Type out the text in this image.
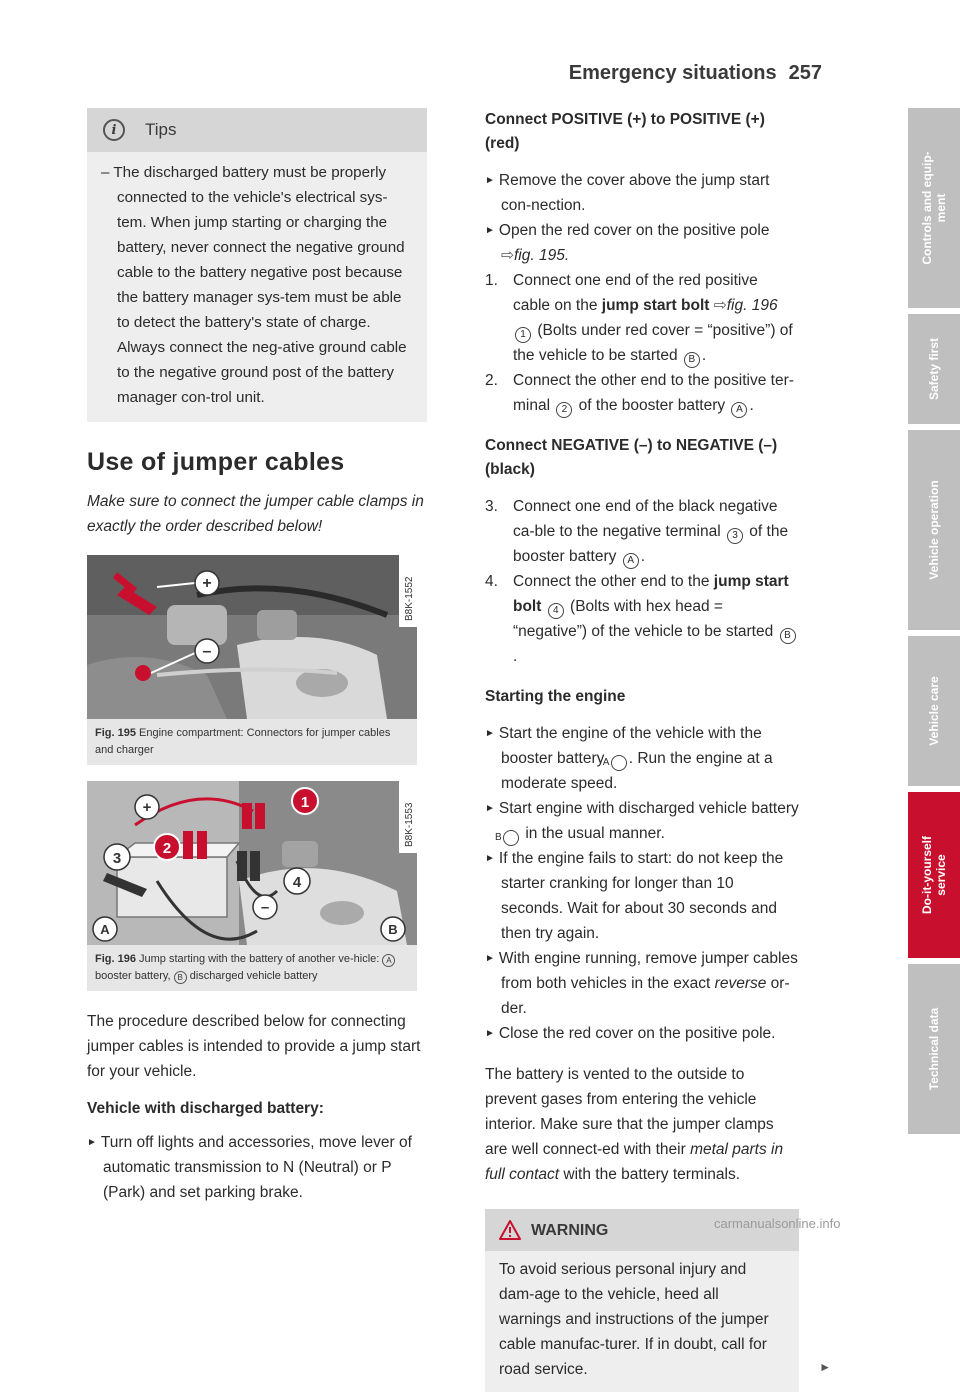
Emergency situations 257
i	Tips

– The discharged battery must be properly connected to the vehicle's electrical sys-tem. When jump starting or charging the battery, never connect the negative ground cable to the battery negative post because the battery manager sys-tem must be able to detect the battery's state of charge. Always connect the neg-ative ground cable to the negative ground post of the battery manager con-trol unit.

Use of jumper cables

Make sure to connect the jumper cable clamps in exactly the order described below!

+
–
B8K-1552
Fig. 195 Engine compartment: Connectors for jumper cables and charger
+
–
1
2
3
4
A	B
B8K-1553
Fig. 196 Jump starting with the battery of another ve-hicle: A booster battery, B discharged vehicle battery

The procedure described below for connecting jumper cables is intended to provide a jump start for your vehicle.

Vehicle with discharged battery:

► Turn off lights and accessories, move lever of automatic transmission to N (Neutral) or P (Park) and set parking brake.

Connect POSITIVE (+) to POSITIVE (+) (red)

► Remove the cover above the jump start con-nection.

► Open the red cover on the positive pole ⇨fig. 195.

1. Connect one end of the red positive cable on the jump start bolt ⇨fig. 196 1 (Bolts under red cover = “positive”) of the vehicle to be started B .
2. Connect the other end to the positive ter-minal 2 of the booster battery A .
Connect NEGATIVE (–) to NEGATIVE (–) (black)
3. Connect one end of the black negative ca-ble to the negative terminal 3 of the booster battery A .
4. Connect the other end to the jump start bolt 4 (Bolts with hex head = “negative”) of the vehicle to be started B.
Starting the engine

► Start the engine of the vehicle with the booster battery A . Run the engine at a moderate speed.

► Start engine with discharged vehicle battery B in the usual manner.

► If the engine fails to start: do not keep the starter cranking for longer than 10 seconds. Wait for about 30 seconds and then try again.

► With engine running, remove jumper cables from both vehicles in the exact reverse or-der.

► Close the red cover on the positive pole.

The battery is vented to the outside to prevent gases from entering the vehicle interior. Make sure that the jumper clamps are well connect-ed with their metal parts in full contact with the battery terminals.

WARNING
To avoid serious personal injury and dam-age to the vehicle, heed all warnings and instructions of the jumper cable manufac-turer. If in doubt, call for road service.	►
Controls and equip-
ment
Safety first
Vehicle operation
Vehicle care
Do-it-yourself
service
Technical data
carmanualsonline.info
